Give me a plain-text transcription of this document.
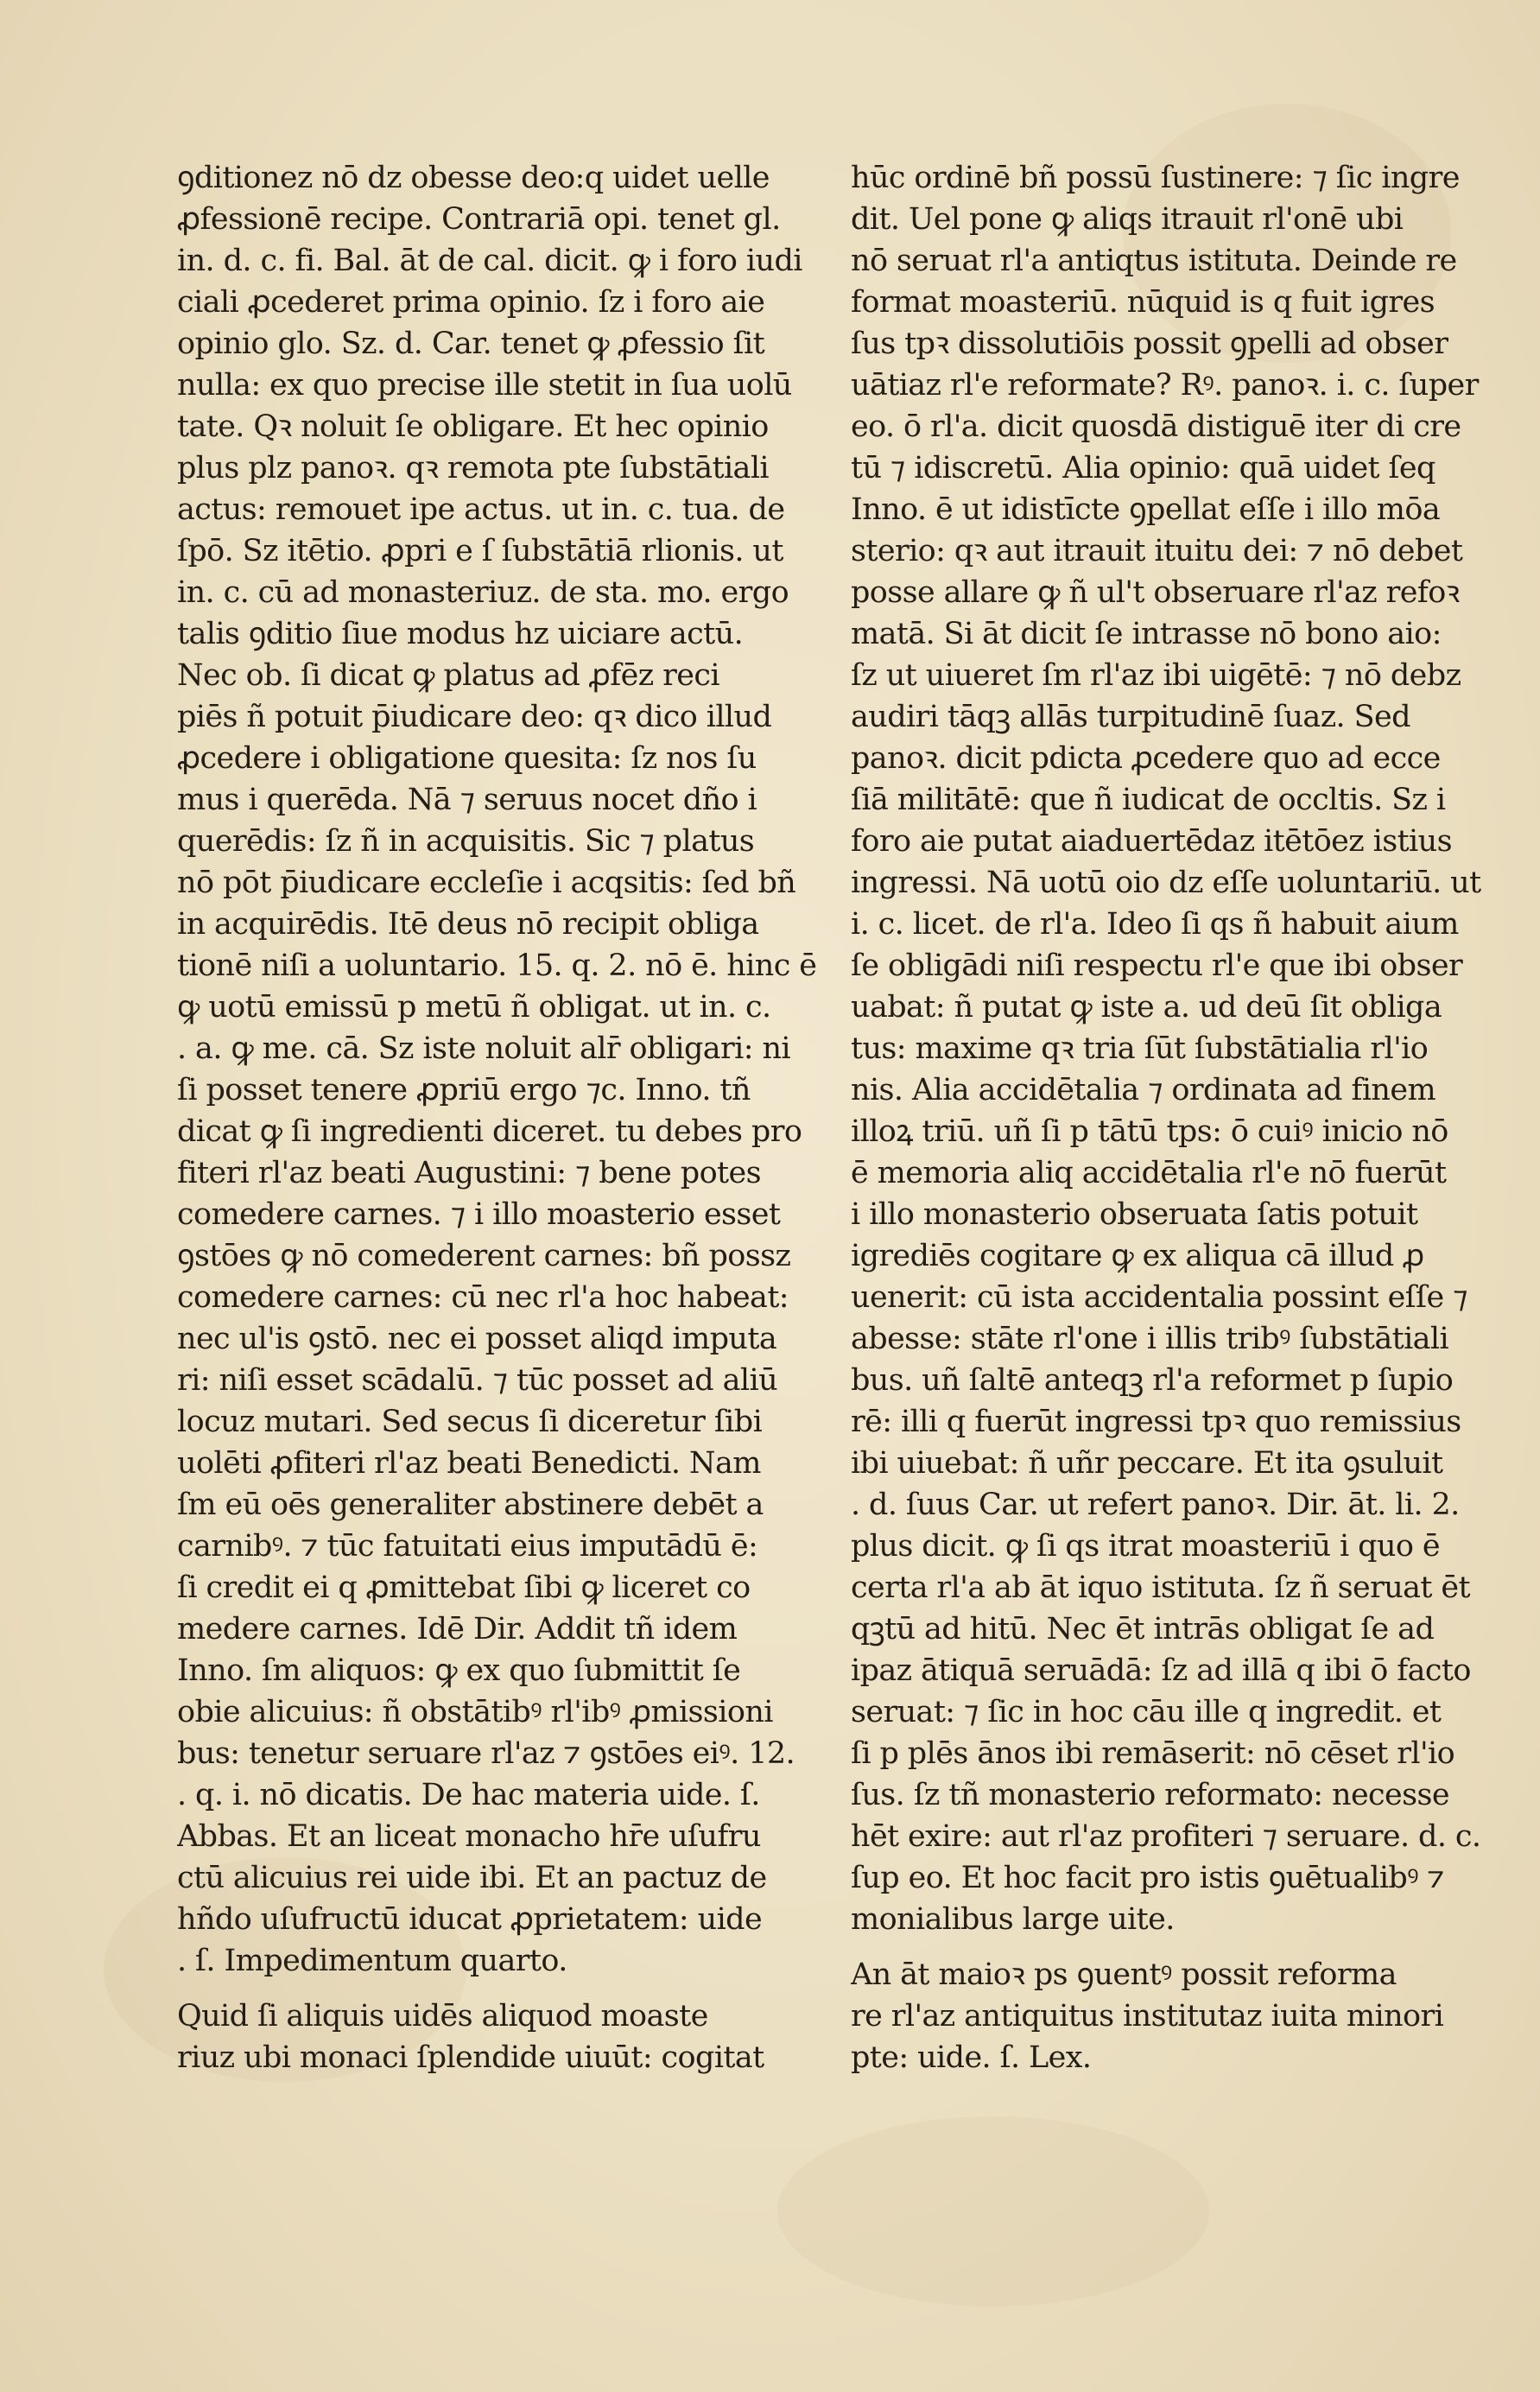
ꝯditionez nō dz obesse deo:q uidet uelle
ꝓfessionē recipe. Contrariā opi. tenet gl.
in. d. c. fi. Bal. āt de cal. dicit. ꝙ i foro iudi
ciali ꝓcederet prima opinio. ſz i foro aie
opinio glo. Sz. d. Car. tenet ꝙ ꝓfessio ſit
nulla: ex quo precise ille stetit in ſua uolū
tate. Qꝛ noluit ſe obligare. Et hec opinio
plus plz panoꝛ. qꝛ remota pte ſubstātiali
actus: remouet ipe actus. ut in. c. tua. de
ſpō. Sz itētio. ꝓpri e ſ ſubstātiā rlionis. ut
in. c. cū ad monasteriuz. de sta. mo. ergo
talis ꝯditio ſiue modus hz uiciare actū.
Nec ob. ſi dicat ꝙ platus ad ꝓfēz reci
piēs ñ potuit p̄iudicare deo: qꝛ dico illud
ꝓcedere i obligatione quesita: ſz nos ſu
mus i querēda. Nā ⁊ seruus nocet dño i
querēdis: ſz ñ in acquisitis. Sic ⁊ platus
nō pōt p̄iudicare eccleſie i acqsitis: ſed bñ
in acquirēdis. Itē deus nō recipit obliga
tionē niſi a uoluntario. 15. q. 2. nō ē. hinc ē
ꝙ uotū emissū p metū ñ obligat. ut in. c.
. a. ꝙ me. cā. Sz iste noluit alr̄ obligari: ni
ſi posset tenere ꝓpriū ergo ⁊c. Inno. tñ
dicat ꝙ ſi ingredienti diceret. tu debes pro
fiteri rl'az beati Augustini: ⁊ bene potes
comedere carnes. ⁊ i illo moasterio esset
ꝯstōes ꝙ nō comederent carnes: bñ possz
comedere carnes: cū nec rl'a hoc habeat:
nec ul'is ꝯstō. nec ei posset aliqd imputa
ri: niſi esset scādalū. ⁊ tūc posset ad aliū
locuz mutari. Sed secus ſi diceretur ſibi
uolēti ꝓfiteri rl'az beati Benedicti. Nam
ſm eū oēs generaliter abstinere debēt a
carnibꝰ. ⁊ tūc fatuitati eius imputādū ē:
ſi credit ei q ꝓmittebat ſibi ꝙ liceret co
medere carnes. Idē Dir. Addit tñ idem
Inno. ſm aliquos: ꝙ ex quo ſubmittit ſe
obie alicuius: ñ obstātibꝰ rl'ibꝰ ꝓmissioni
bus: tenetur seruare rl'az ⁊ ꝯstōes eiꝰ. 12.
. q. i. nō dicatis. De hac materia uide. ſ.
Abbas. Et an liceat monacho hr̄e uſufru
ctū alicuius rei uide ibi. Et an pactuz de
hñdo uſufructū iducat ꝓprietatem: uide
. ſ. Impedimentum quarto.
Quid ſi aliquis uidēs aliquod moaste
riuz ubi monaci ſplendide uiuūt: cogitat
hūc ordinē bñ possū ſustinere: ⁊ ſic ingre
dit. Uel pone ꝙ aliqs itrauit rl'onē ubi
nō seruat rl'a antiqtus istituta. Deinde re
format moasteriū. nūquid is q fuit igres
ſus tpꝛ dissolutiōis possit ꝯpelli ad obser
uātiaz rl'e reformate? Rꝰ. panoꝛ. i. c. ſuper
eo. ō rl'a. dicit quosdā distiguē iter di cre
tū ⁊ idiscretū. Alia opinio: quā uidet ſeq
Inno. ē ut idistīcte ꝯpellat eſſe i illo mōa
sterio: qꝛ aut itrauit ituitu dei: ⁊ nō debet
posse allare ꝙ ñ ul't obseruare rl'az refoꝛ
matā. Si āt dicit ſe intrasse nō bono aio:
ſz ut uiueret ſm rl'az ibi uigētē: ⁊ nō debz
audiri tāqꝫ allās turpitudinē ſuaz. Sed
panoꝛ. dicit pdicta ꝓcedere quo ad ecce
ſiā militātē: que ñ iudicat de occltis. Sz i
foro aie putat aiaduertēdaz itētōez istius
ingressi. Nā uotū oio dz eſſe uoluntariū. ut
i. c. licet. de rl'a. Ideo ſi qs ñ habuit aium
ſe obligādi niſi respectu rl'e que ibi obser
uabat: ñ putat ꝙ iste a. ud deū ſit obliga
tus: maxime qꝛ tria ſūt ſubstātialia rl'io
nis. Alia accidētalia ⁊ ordinata ad finem
illoꝝ triū. uñ ſi p tātū tps: ō cuiꝰ inicio nō
ē memoria aliq accidētalia rl'e nō fuerūt
i illo monasterio obseruata ſatis potuit
igrediēs cogitare ꝙ ex aliqua cā illud ꝓ
uenerit: cū ista accidentalia possint eſſe ⁊
abesse: stāte rl'one i illis tribꝰ ſubstātiali
bus. uñ ſaltē anteqꝫ rl'a reformet p ſupio
rē: illi q fuerūt ingressi tpꝛ quo remissius
ibi uiuebat: ñ uñr peccare. Et ita ꝯsuluit
. d. ſuus Car. ut refert panoꝛ. Dir. āt. li. 2.
plus dicit. ꝙ ſi qs itrat moasteriū i quo ē
certa rl'a ab āt iquo istituta. ſz ñ seruat ēt
qꝫtū ad hitū. Nec ēt intrās obligat ſe ad
ipaz ātiquā seruādā: ſz ad illā q ibi ō facto
seruat: ⁊ ſic in hoc cāu ille q ingredit. et
ſi p plēs ānos ibi remāserit: nō cēset rl'io
ſus. ſz tñ monasterio reformato: necesse
hēt exire: aut rl'az profiteri ⁊ seruare. d. c.
ſup eo. Et hoc facit pro istis ꝯuētualibꝰ ⁊
monialibus large uite.
An āt maioꝛ ps ꝯuentꝰ possit reforma
re rl'az antiquitus institutaz iuita minori
pte: uide. ſ. Lex.
